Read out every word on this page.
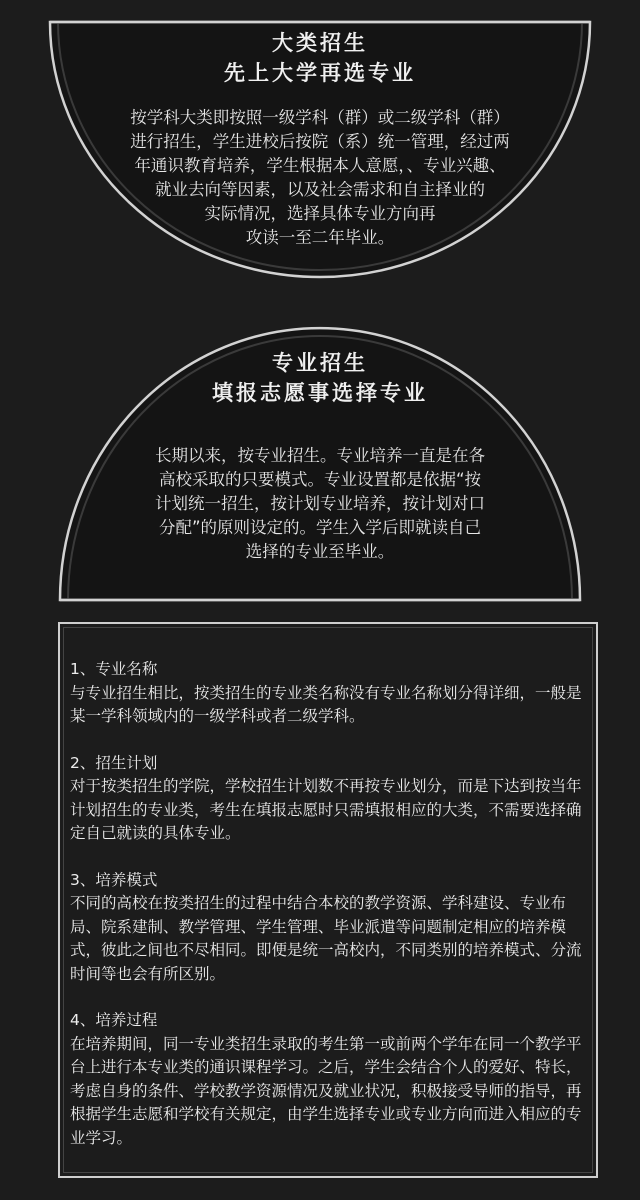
大类招生
先上大学再选专业
按学科大类即按照一级学科（群）或二级学科（群）
进行招生，学生进校后按院（系）统一管理，经过两
年通识教育培养，学生根据本人意愿，、专业兴趣、
就业去向等因素，以及社会需求和自主择业的
实际情况，选择具体专业方向再
攻读一至二年毕业。
专业招生
填报志愿事选择专业
长期以来，按专业招生。专业培养一直是在各
高校采取的只要模式。专业设置都是依据“按
计划统一招生，按计划专业培养，按计划对口
分配”的原则设定的。学生入学后即就读自己
选择的专业至毕业。
1、专业名称
与专业招生相比，按类招生的专业类名称没有专业名称划分得详细，一般是某一学科领域内的一级学科或者二级学科。
2、招生计划
对于按类招生的学院，学校招生计划数不再按专业划分，而是下达到按当年计划招生的专业类，考生在填报志愿时只需填报相应的大类，不需要选择确定自己就读的具体专业。
3、培养模式
不同的高校在按类招生的过程中结合本校的教学资源、学科建设、专业布局、院系建制、教学管理、学生管理、毕业派遣等问题制定相应的培养模式，彼此之间也不尽相同。即便是统一高校内，不同类别的培养模式、分流时间等也会有所区别。
4、培养过程
在培养期间，同一专业类招生录取的考生第一或前两个学年在同一个教学平台上进行本专业类的通识课程学习。之后，学生会结合个人的爱好、特长，考虑自身的条件、学校教学资源情况及就业状况，积极接受导师的指导，再根据学生志愿和学校有关规定，由学生选择专业或专业方向而进入相应的专业学习。
